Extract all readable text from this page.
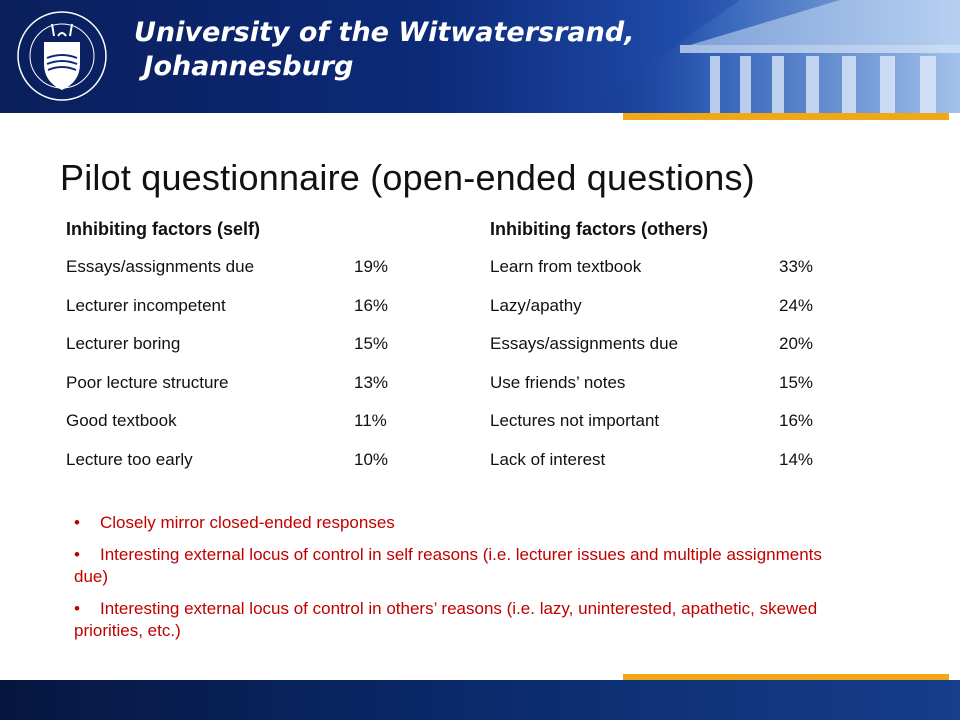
University of the Witwatersrand,
Johannesburg
Pilot questionnaire (open-ended questions)
Inhibiting factors (self)
Essays/assignments due	19%
Lecturer incompetent	16%
Lecturer boring	15%
Poor lecture structure	13%
Good textbook	11%
Lecture too early	10%
Inhibiting factors (others)
Learn from textbook	33%
Lazy/apathy	24%
Essays/assignments due	20%
Use friends’ notes	15%
Lectures not important	16%
Lack of interest	14%
• Closely mirror closed-ended responses
• Interesting external locus of control in self reasons (i.e. lecturer issues and multiple assignments due)
• Interesting external locus of control in others’ reasons (i.e. lazy, uninterested, apathetic, skewed priorities, etc.)
